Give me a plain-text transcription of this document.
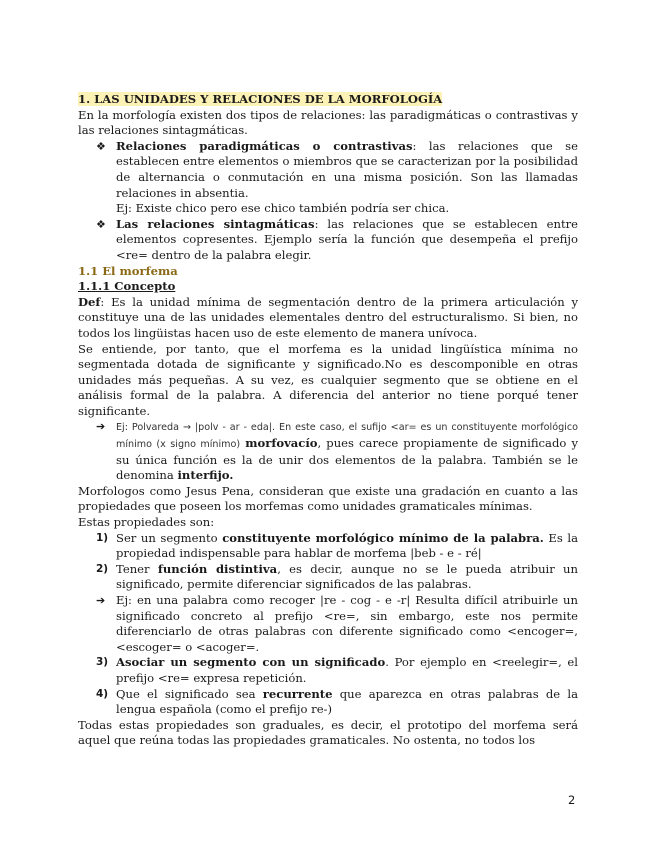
1. LAS UNIDADES Y RELACIONES DE LA MORFOLOGÍA

En la morfología existen dos tipos de relaciones: las paradigmáticas o contrastivas y las relaciones sintagmáticas.

❖ Relaciones paradigmáticas o contrastivas: las relaciones que se establecen entre elementos o miembros que se caracterizan por la posibilidad de alternancia o conmutación en una misma posición. Son las llamadas relaciones in absentia.

Ej: Existe chico pero ese chico también podría ser chica.

❖ Las relaciones sintagmáticas: las relaciones que se establecen entre elementos copresentes. Ejemplo sería la función que desempeña el prefijo <re= dentro de la palabra elegir.

1.1 El morfema

1.1.1 Concepto

Def: Es la unidad mínima de segmentación dentro de la primera articulación y constituye una de las unidades elementales dentro del estructuralismo. Si bien, no todos los lingüistas hacen uso de este elemento de manera unívoca.

Se entiende, por tanto, que el morfema es la unidad lingüística mínima no segmentada dotada de significante y significado.No es descomponible en otras unidades más pequeñas. A su vez, es cualquier segmento que se obtiene en el análisis formal de la palabra. A diferencia del anterior no tiene porqué tener significante.

➔ Ej: Polvareda → |polv - ar - eda|. En este caso, el sufijo <ar= es un constituyente morfológico mínimo (x signo mínimo) morfovacío, pues carece propiamente de significado y su única función es la de unir dos elementos de la palabra. También se le denomina interfijo.

Morfologos como Jesus Pena, consideran que existe una gradación en cuanto a las propiedades que poseen los morfemas como unidades gramaticales mínimas.

Estas propiedades son:

1) Ser un segmento constituyente morfológico mínimo de la palabra. Es la propiedad indispensable para hablar de morfema |beb - e - ré|
2) Tener función distintiva, es decir, aunque no se le pueda atribuir un significado, permite diferenciar significados de las palabras.
➔ Ej: en una palabra como recoger |re - cog - e -r| Resulta difícil atribuirle un significado concreto al prefijo <re=, sin embargo, este nos permite diferenciarlo de otras palabras con diferente significado como <encoger=, <escoger= o <acoger=.
3) Asociar un segmento con un significado. Por ejemplo en <reelegir=, el prefijo <re= expresa repetición.
4) Que el significado sea recurrente que aparezca en otras palabras de la lengua española (como el prefijo re-)

Todas estas propiedades son graduales, es decir, el prototipo del morfema será aquel que reúna todas las propiedades gramaticales. No ostenta, no todos los

2
